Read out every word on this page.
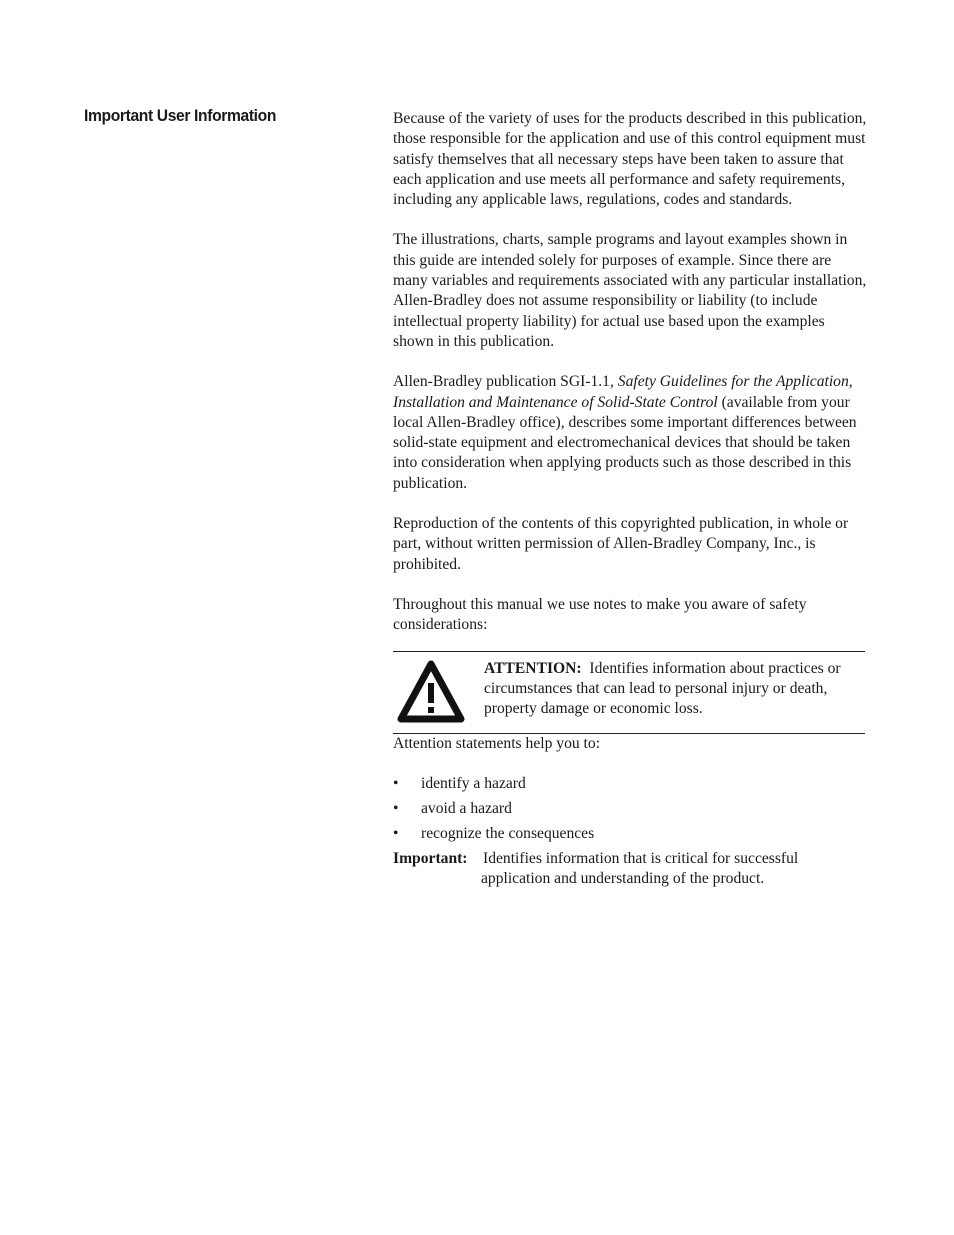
Important User Information	Because of the variety of uses for the products described in this publication, those responsible for the application and use of this control equipment must satisfy themselves that all necessary steps have been taken to assure that each application and use meets all performance and safety requirements, including any applicable laws, regulations, codes and standards.

The illustrations, charts, sample programs and layout examples shown in this guide are intended solely for purposes of example. Since there are many variables and requirements associated with any particular installation, Allen-Bradley does not assume responsibility or liability (to include intellectual property liability) for actual use based upon the examples shown in this publication.

Allen-Bradley publication SGI-1.1, Safety Guidelines for the Application, Installation and Maintenance of Solid-State Control (available from your local Allen-Bradley office), describes some important differences between solid-state equipment and electromechanical devices that should be taken into consideration when applying products such as those described in this publication.

Reproduction of the contents of this copyrighted publication, in whole or part, without written permission of Allen-Bradley Company, Inc., is prohibited.

Throughout this manual we use notes to make you aware of safety considerations:

ATTENTION: Identifies information about practices or circumstances that can lead to personal injury or death, property damage or economic loss.

Attention statements help you to:

• identify a hazard
• avoid a hazard
• recognize the consequences

Important: Identifies information that is critical for successful application and understanding of the product.
